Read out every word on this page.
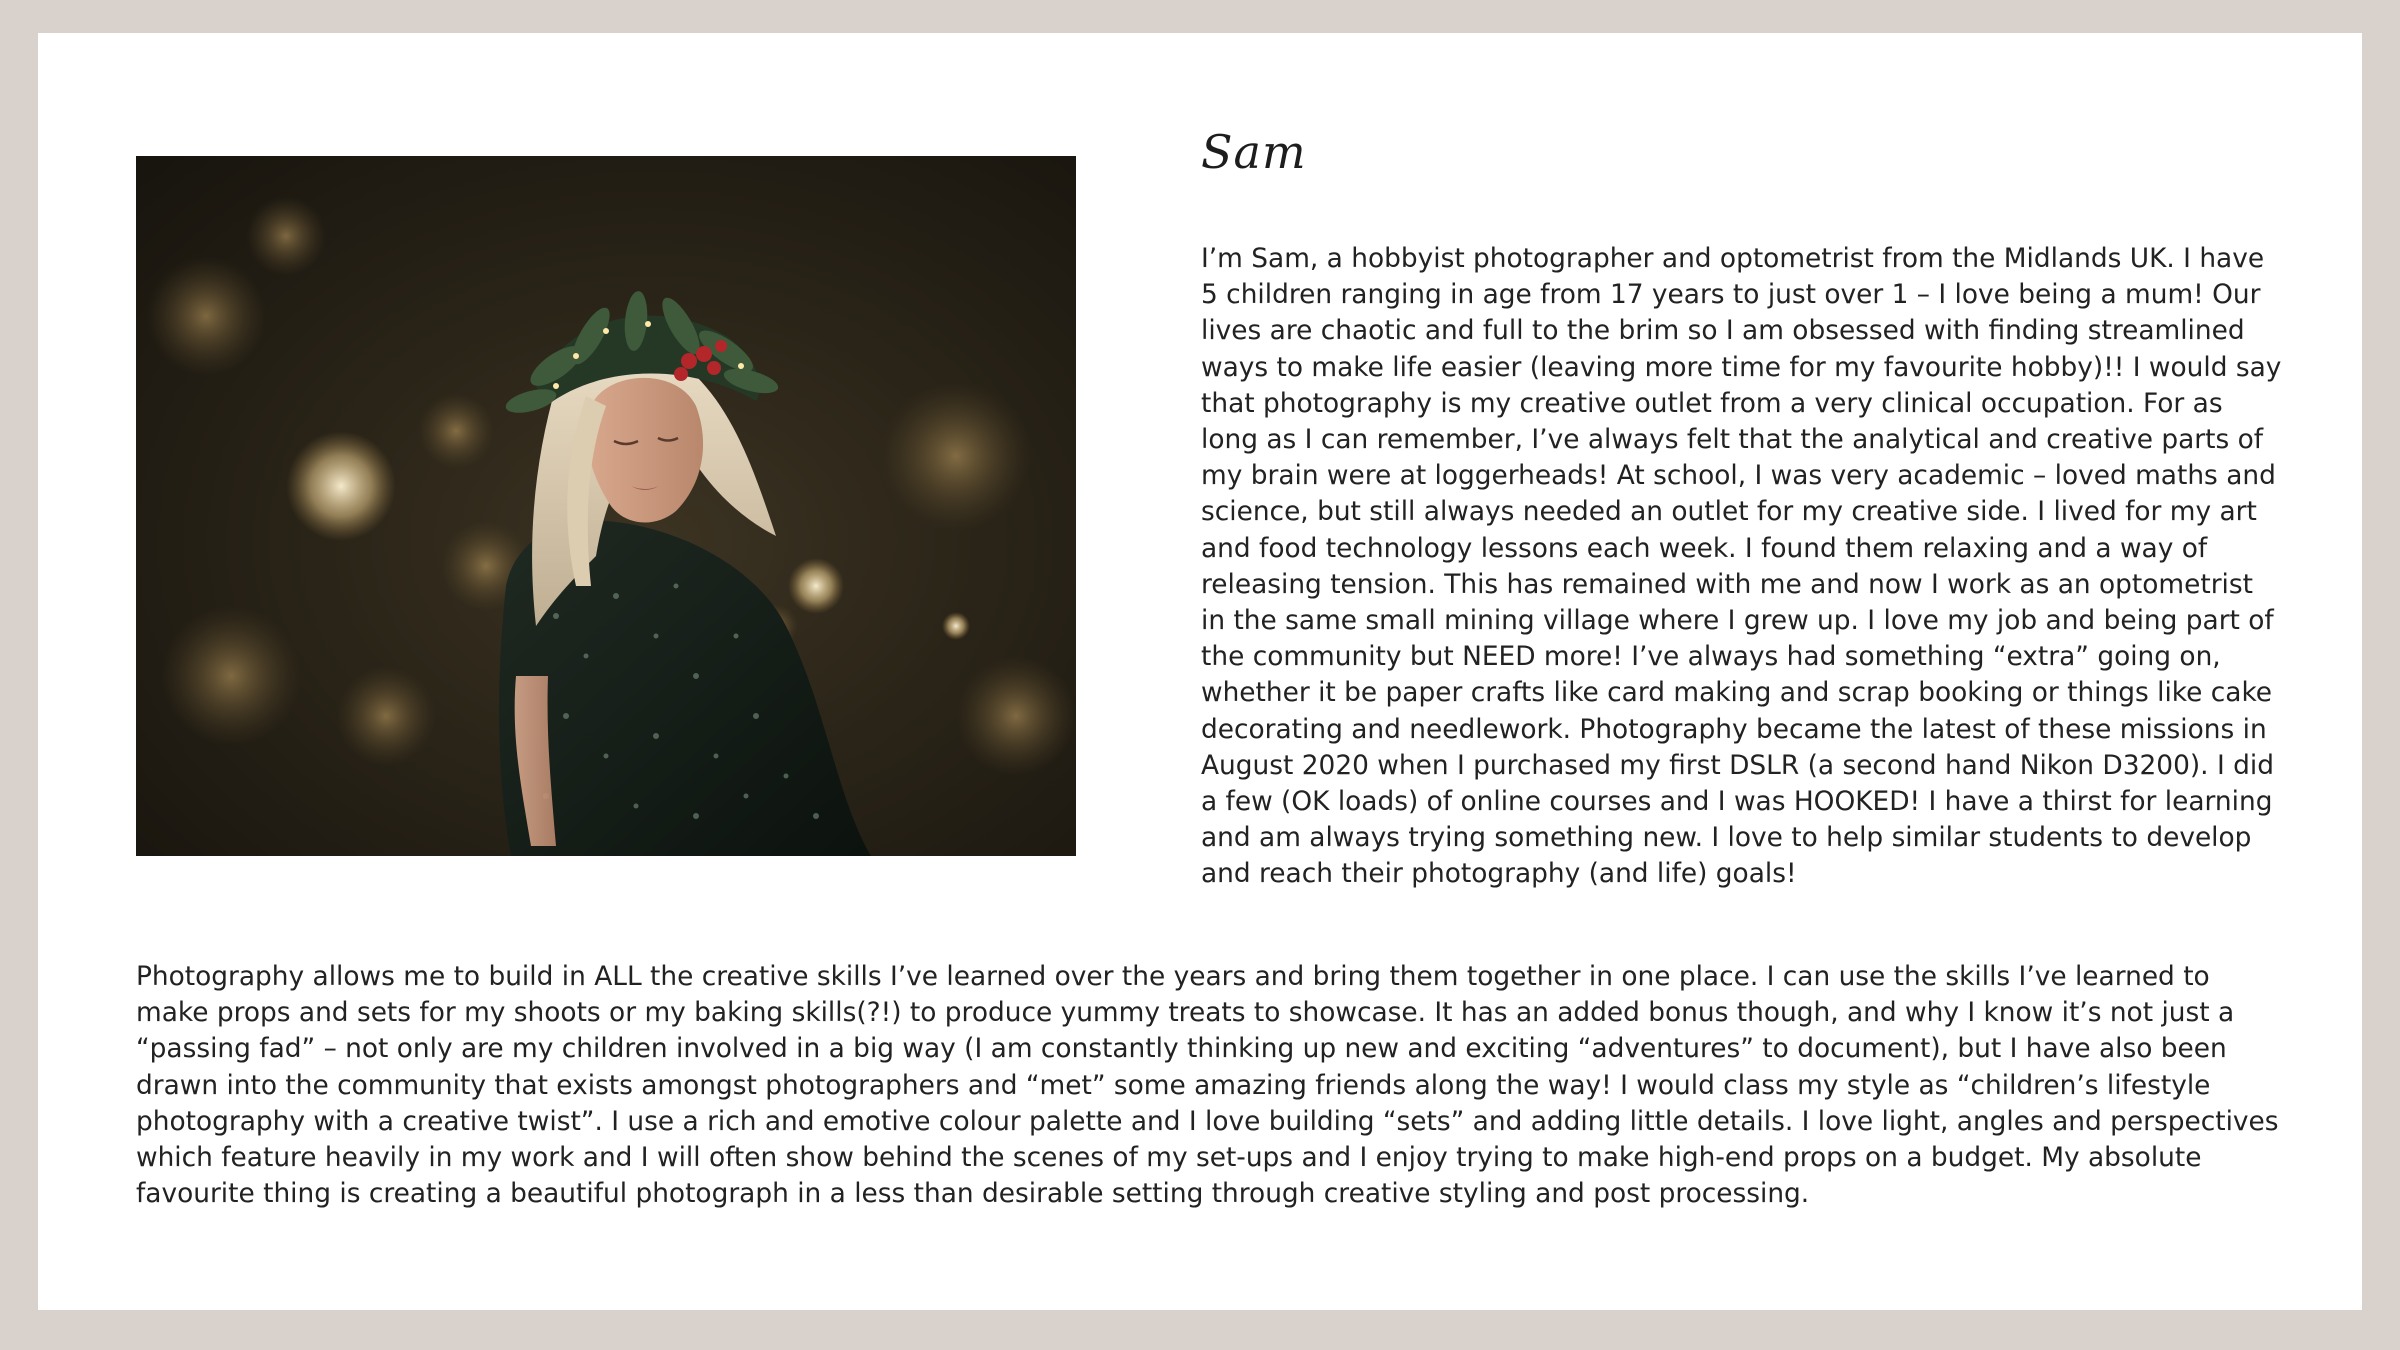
Sam

I’m Sam, a hobbyist photographer and optometrist from the Midlands UK. I have 5 children ranging in age from 17 years to just over 1 – I love being a mum! Our lives are chaotic and full to the brim so I am obsessed with finding streamlined ways to make life easier (leaving more time for my favourite hobby)!! I would say that photography is my creative outlet from a very clinical occupation. For as long as I can remember, I’ve always felt that the analytical and creative parts of my brain were at loggerheads! At school, I was very academic – loved maths and science, but still always needed an outlet for my creative side. I lived for my art and food technology lessons each week. I found them relaxing and a way of releasing tension. This has remained with me and now I work as an optometrist in the same small mining village where I grew up. I love my job and being part of the community but NEED more! I’ve always had something “extra” going on, whether it be paper crafts like card making and scrap booking or things like cake decorating and needlework. Photography became the latest of these missions in August 2020 when I purchased my first DSLR (a second hand Nikon D3200). I did a few (OK loads) of online courses and I was HOOKED! I have a thirst for learning and am always trying something new. I love to help similar students to develop and reach their photography (and life) goals!

Photography allows me to build in ALL the creative skills I’ve learned over the years and bring them together in one place. I can use the skills I’ve learned to make props and sets for my shoots or my baking skills(?!) to produce yummy treats to showcase. It has an added bonus though, and why I know it’s not just a “passing fad” – not only are my children involved in a big way (I am constantly thinking up new and exciting “adventures” to document), but I have also been drawn into the community that exists amongst photographers and “met” some amazing friends along the way! I would class my style as “children’s lifestyle photography with a creative twist”. I use a rich and emotive colour palette and I love building “sets” and adding little details. I love light, angles and perspectives which feature heavily in my work and I will often show behind the scenes of my set-ups and I enjoy trying to make high-end props on a budget. My absolute favourite thing is creating a beautiful photograph in a less than desirable setting through creative styling and post processing.
